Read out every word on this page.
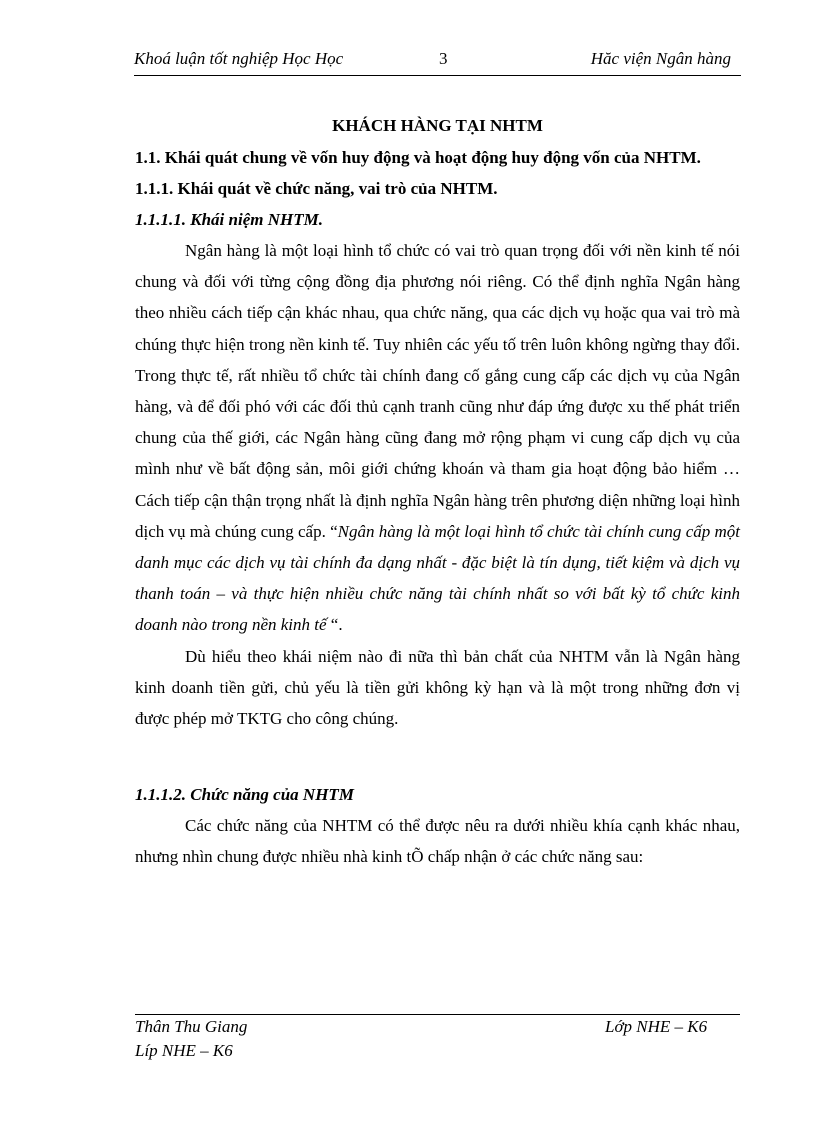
Khoá luận tốt nghiệp Học Học	3	Hăc viện Ngân hàng
KHÁCH HÀNG TẠI NHTM
1.1. Khái quát chung về vốn huy động và hoạt động huy động vốn của NHTM.
1.1.1. Khái quát về chức năng, vai trò của NHTM.
1.1.1.1. Khái niệm NHTM.

Ngân hàng là một loại hình tổ chức có vai trò quan trọng đối với nền kinh tế nói chung và đối với từng cộng đồng địa phương nói riêng. Có thể định nghĩa Ngân hàng theo nhiều cách tiếp cận khác nhau, qua chức năng, qua các dịch vụ hoặc qua vai trò mà chúng thực hiện trong nền kinh tế. Tuy nhiên các yếu tố trên luôn không ngừng thay đổi. Trong thực tế, rất nhiều tổ chức tài chính đang cố gắng cung cấp các dịch vụ của Ngân hàng, và để đối phó với các đối thủ cạnh tranh cũng như đáp ứng được xu thế phát triển chung của thế giới, các Ngân hàng cũng đang mở rộng phạm vi cung cấp dịch vụ của mình như về bất động sản, môi giới chứng khoán và tham gia hoạt động bảo hiểm …Cách tiếp cận thận trọng nhất là định nghĩa Ngân hàng trên phương diện những loại hình dịch vụ mà chúng cung cấp. “Ngân hàng là một loại hình tổ chức tài chính cung cấp một danh mục các dịch vụ tài chính đa dạng nhất - đặc biệt là tín dụng, tiết kiệm và dịch vụ thanh toán – và thực hiện nhiều chức năng tài chính nhất so với bất kỳ tổ chức kinh doanh nào trong nền kinh tế “.

Dù hiểu theo khái niệm nào đi nữa thì bản chất của NHTM vẫn là Ngân hàng kinh doanh tiền gửi, chủ yếu là tiền gửi không kỳ hạn và là một trong những đơn vị được phép mở TKTG cho công chúng.

1.1.1.2. Chức năng của NHTM

Các chức năng của NHTM có thể được nêu ra dưới nhiều khía cạnh khác nhau, nhưng nhìn chung được nhiều nhà kinh tÕ chấp nhận ở các chức năng sau:

Thân Thu Giang	Lớp NHE – K6
Líp NHE – K6
